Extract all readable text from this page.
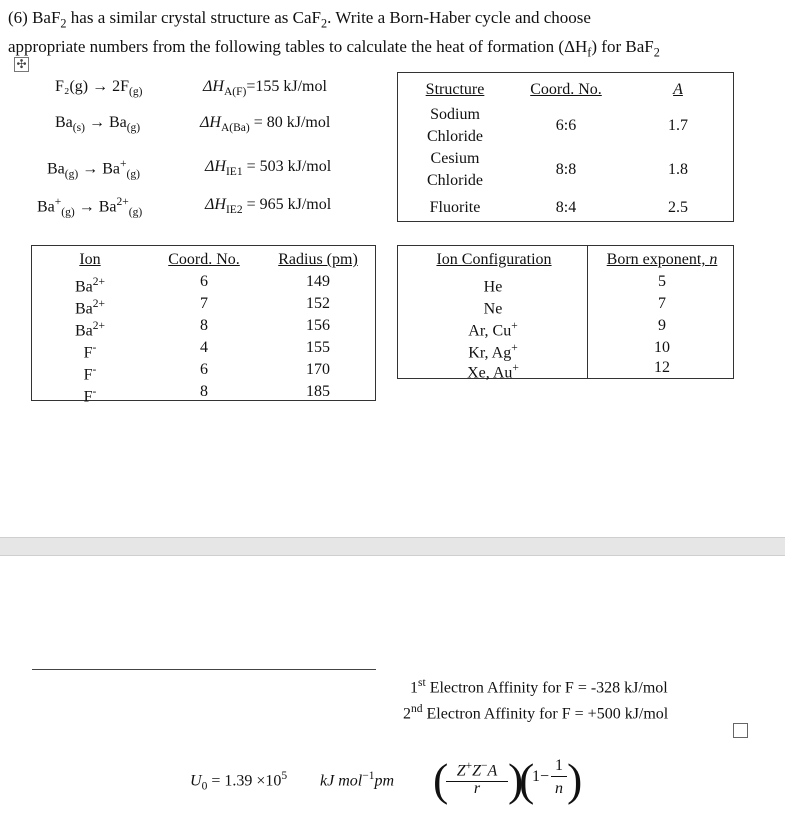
(6) BaF$_2$ has a similar crystal structure as CaF$_2$. Write a Born-Haber cycle and choose
appropriate numbers from the following tables to calculate the heat of formation $(\Delta H_f)$ for BaF$_2$
✣
$F_2(g) \to 2F_{(g)}$	$\Delta H_{A(F)}=155$ kJ/mol
$Ba_{(s)} \to Ba_{(g)}$	$\Delta H_{A(Ba)} = 80$ kJ/mol
$Ba_{(g)} \to Ba^+_{(g)}$	$\Delta H_{IE1} = 503$ kJ/mol
$Ba^+_{(g)} \to Ba^{2+}_{(g)}$	$\Delta H_{IE2} = 965$ kJ/mol
Structure	Coord. No.	A
Sodium
Chloride
6:6	1.7
Cesium
Chloride
8:8	1.8
Fluorite	8:4	2.5
Ion	Coord. No.	Radius (pm)
$Ba^{2+}$	6	149
$Ba^{2+}$	7	152
$Ba^{2+}$	8	156
F-	4	155
F-	6	170
F-	8	185
Ion Configuration	Born exponent, n
He	5
Ne	7
Ar, Cu+	9
Kr, Ag+	10
Xe, Au+	12
1st Electron Affinity for F = -328 kJ/mol
2nd Electron Affinity for F = +500 kJ/mol
$U_0 = 1.39 \times 10^5$ kJ mol$^{-1}$pm ( Z+Z−A
r )
(
1−
1
n )
